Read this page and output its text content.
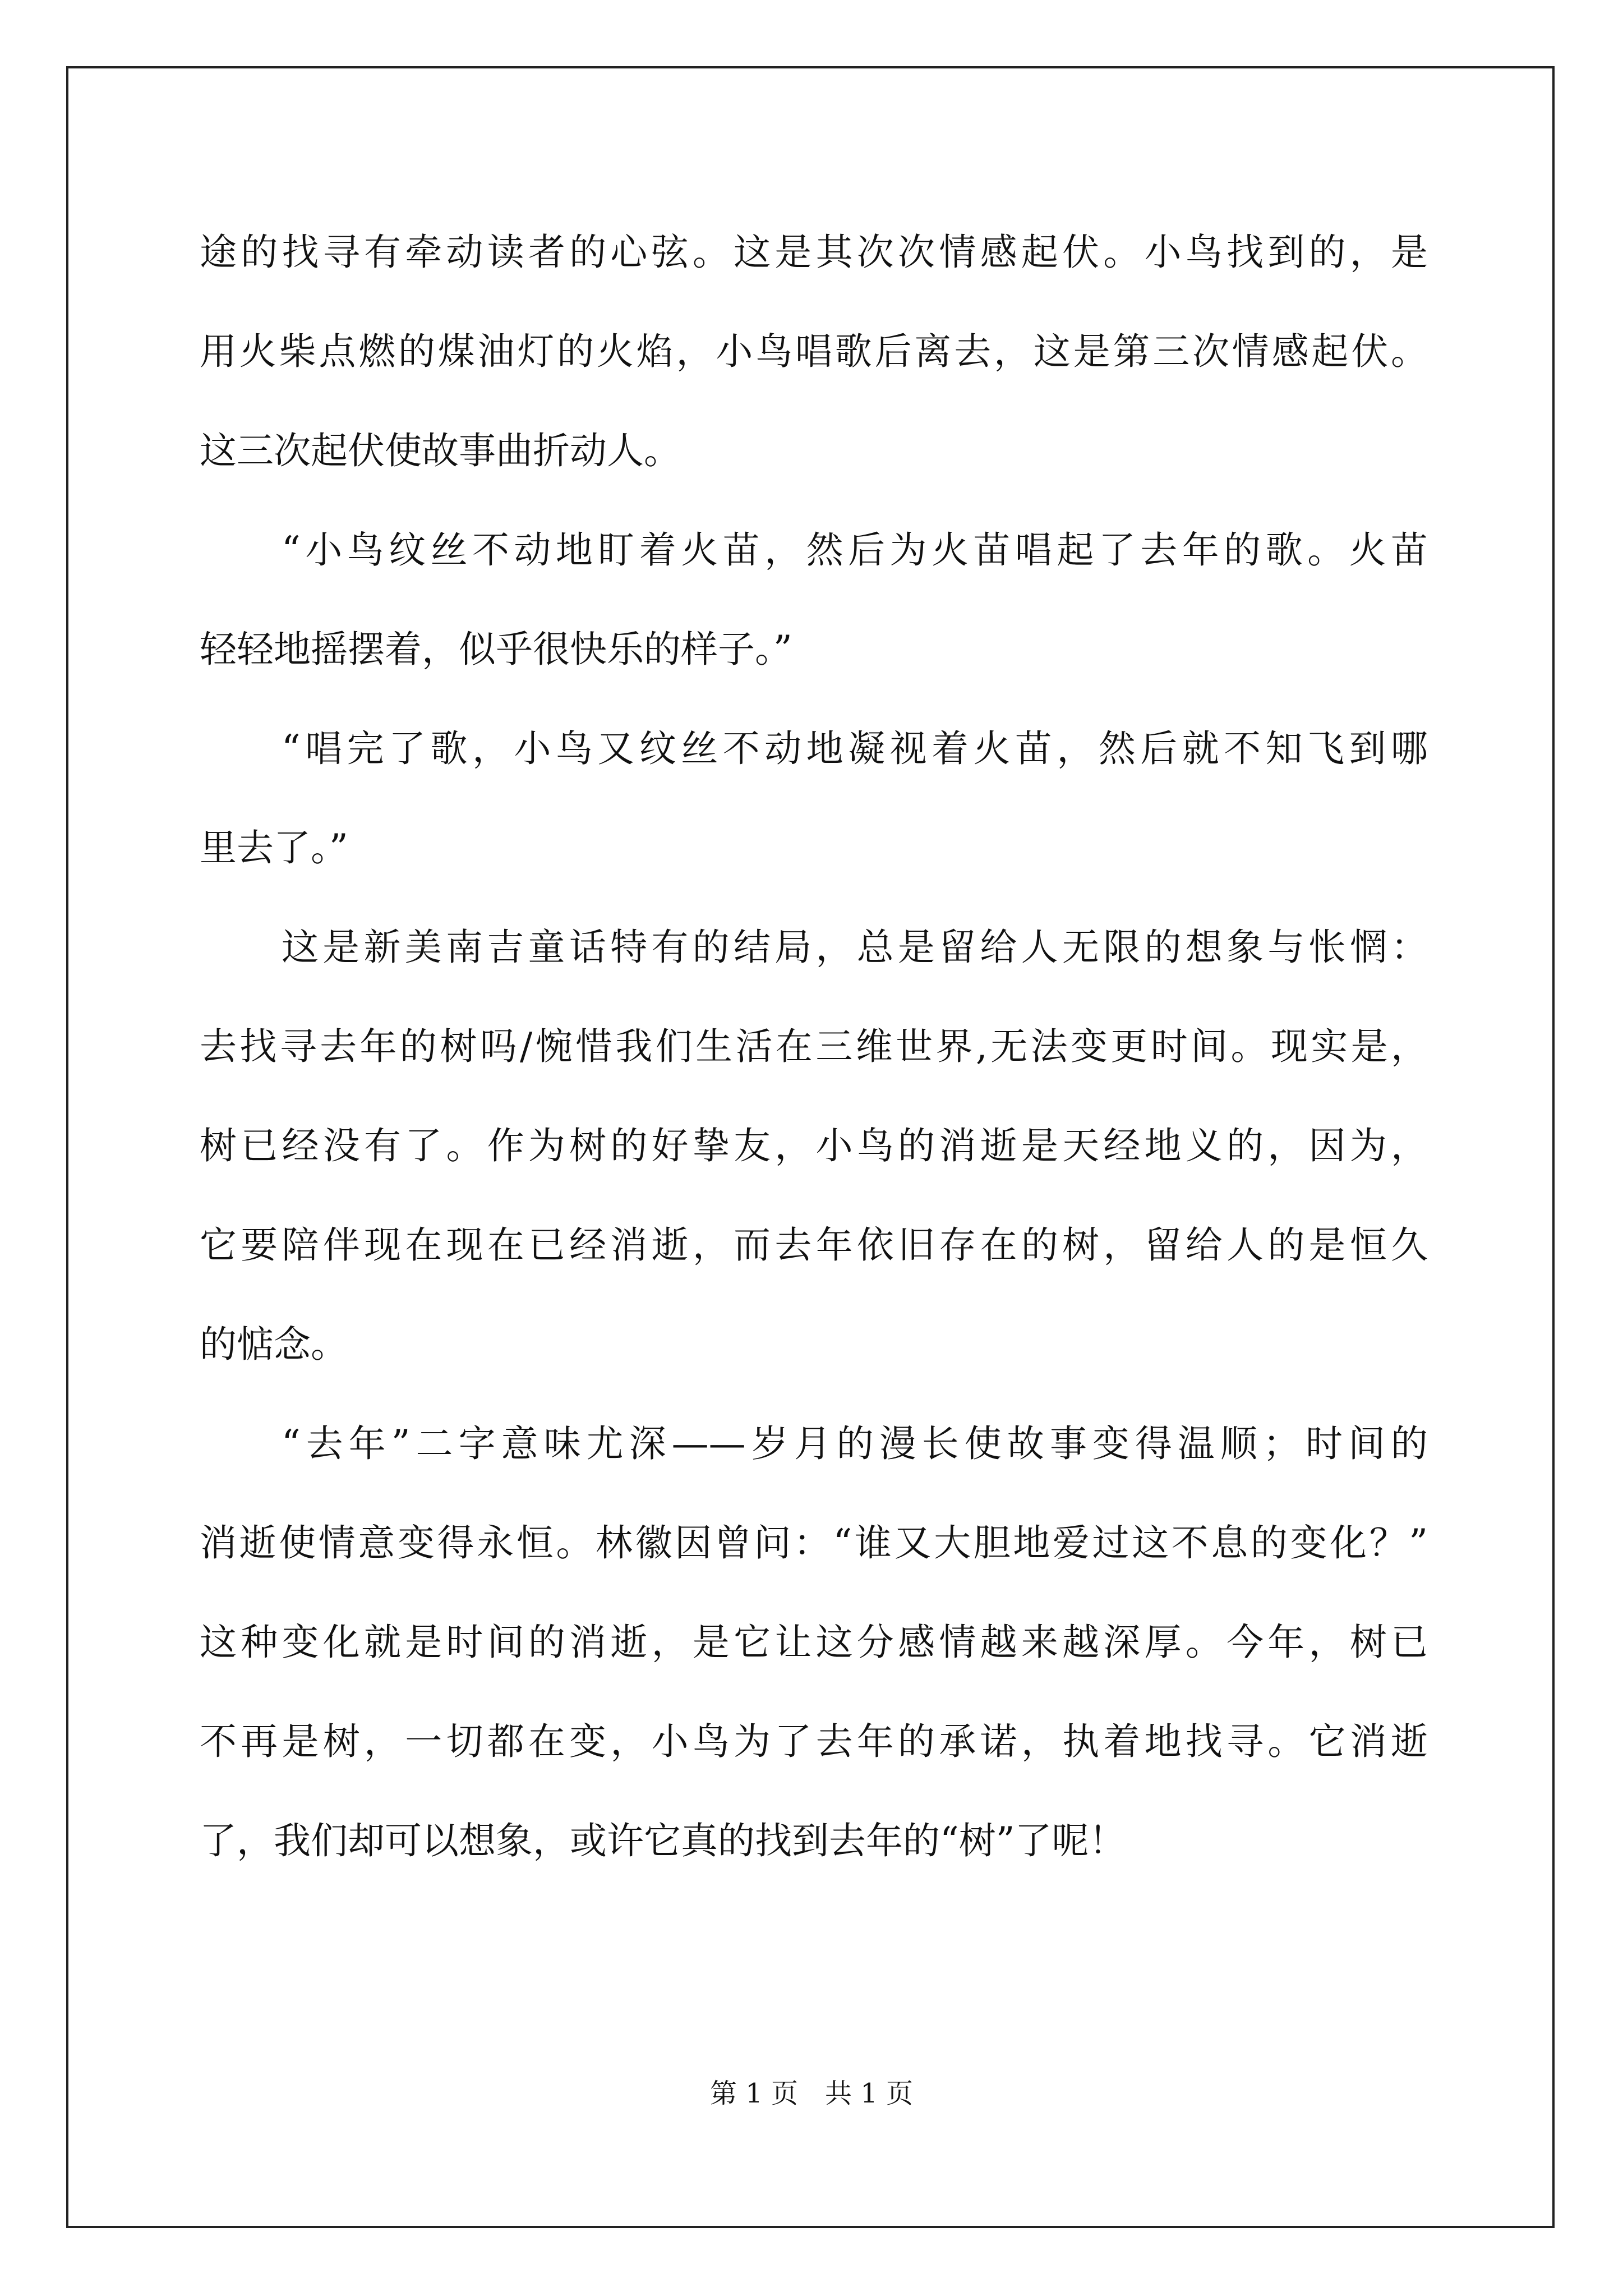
途的找寻有牵动读者的心弦。这是其次次情感起伏。小鸟找到的，是
用火柴点燃的煤油灯的火焰，小鸟唱歌后离去，这是第三次情感起伏。
这三次起伏使故事曲折动人。
“小鸟纹丝不动地盯着火苗，然后为火苗唱起了去年的歌。火苗
轻轻地摇摆着，似乎很快乐的样子。”
“唱完了歌，小鸟又纹丝不动地凝视着火苗，然后就不知飞到哪
里去了。”
这是新美南吉童话特有的结局，总是留给人无限的想象与怅惘：
去找寻去年的树吗/惋惜我们生活在三维世界,无法变更时间。现实是，
树已经没有了。作为树的好挚友，小鸟的消逝是天经地义的，因为，
它要陪伴现在现在已经消逝，而去年依旧存在的树，留给人的是恒久
的惦念。
“去年”二字意味尤深——岁月的漫长使故事变得温顺；时间的
消逝使情意变得永恒。林徽因曾问：“谁又大胆地爱过这不息的变化？”
这种变化就是时间的消逝，是它让这分感情越来越深厚。今年，树已
不再是树，一切都在变，小鸟为了去年的承诺，执着地找寻。它消逝
了，我们却可以想象，或许它真的找到去年的“树”了呢！
第 1 页　共 1 页
